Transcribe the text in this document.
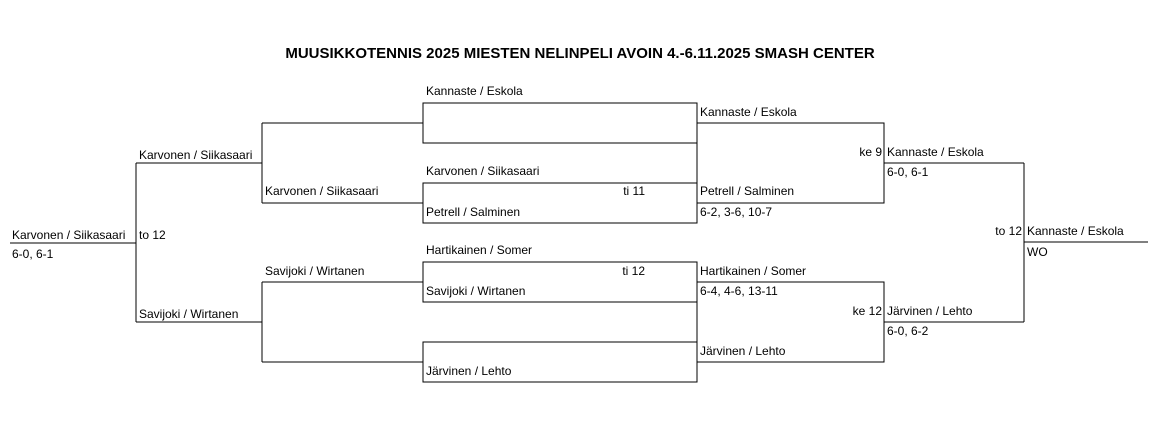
MUUSIKKOTENNIS 2025 MIESTEN NELINPELI AVOIN 4.-6.11.2025 SMASH CENTER
Karvonen / Siikasaari to 12
6-0, 6-1
Karvonen / Siikasaari
Savijoki / Wirtanen
Karvonen / Siikasaari
Savijoki / Wirtanen
Kannaste / Eskola
Karvonen / Siikasaari
ti 11
Petrell / Salminen
Hartikainen / Somer
ti 12
Savijoki / Wirtanen
Järvinen / Lehto
Kannaste / Eskola
Petrell / Salminen
6-2, 3-6, 10-7
Hartikainen / Somer
6-4, 4-6, 13-11
Järvinen / Lehto
ke 9 Kannaste / Eskola
6-0, 6-1
ke 12 Järvinen / Lehto
6-0, 6-2
to 12 Kannaste / Eskola
WO
